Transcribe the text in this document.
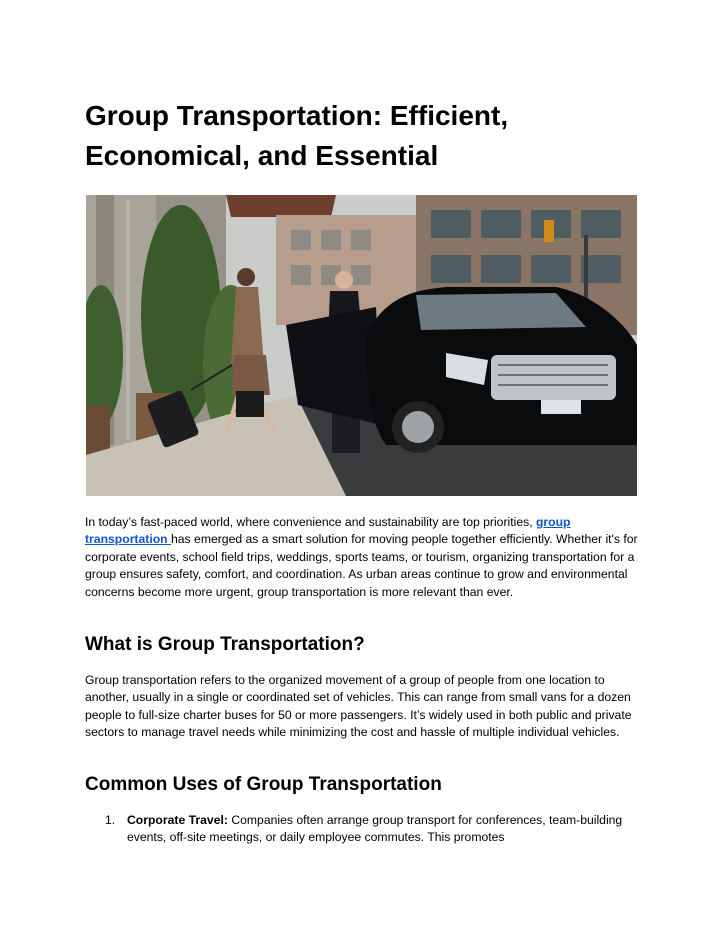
Group Transportation: Efficient, Economical, and Essential

In today’s fast-paced world, where convenience and sustainability are top priorities, group transportation has emerged as a smart solution for moving people together efficiently. Whether it's for corporate events, school field trips, weddings, sports teams, or tourism, organizing transportation for a group ensures safety, comfort, and coordination. As urban areas continue to grow and environmental concerns become more urgent, group transportation is more relevant than ever.

What is Group Transportation?

Group transportation refers to the organized movement of a group of people from one location to another, usually in a single or coordinated set of vehicles. This can range from small vans for a dozen people to full-size charter buses for 50 or more passengers. It’s widely used in both public and private sectors to manage travel needs while minimizing the cost and hassle of multiple individual vehicles.

Common Uses of Group Transportation
1. Corporate Travel: Companies often arrange group transport for conferences, team-building events, off-site meetings, or daily employee commutes. This promotes
